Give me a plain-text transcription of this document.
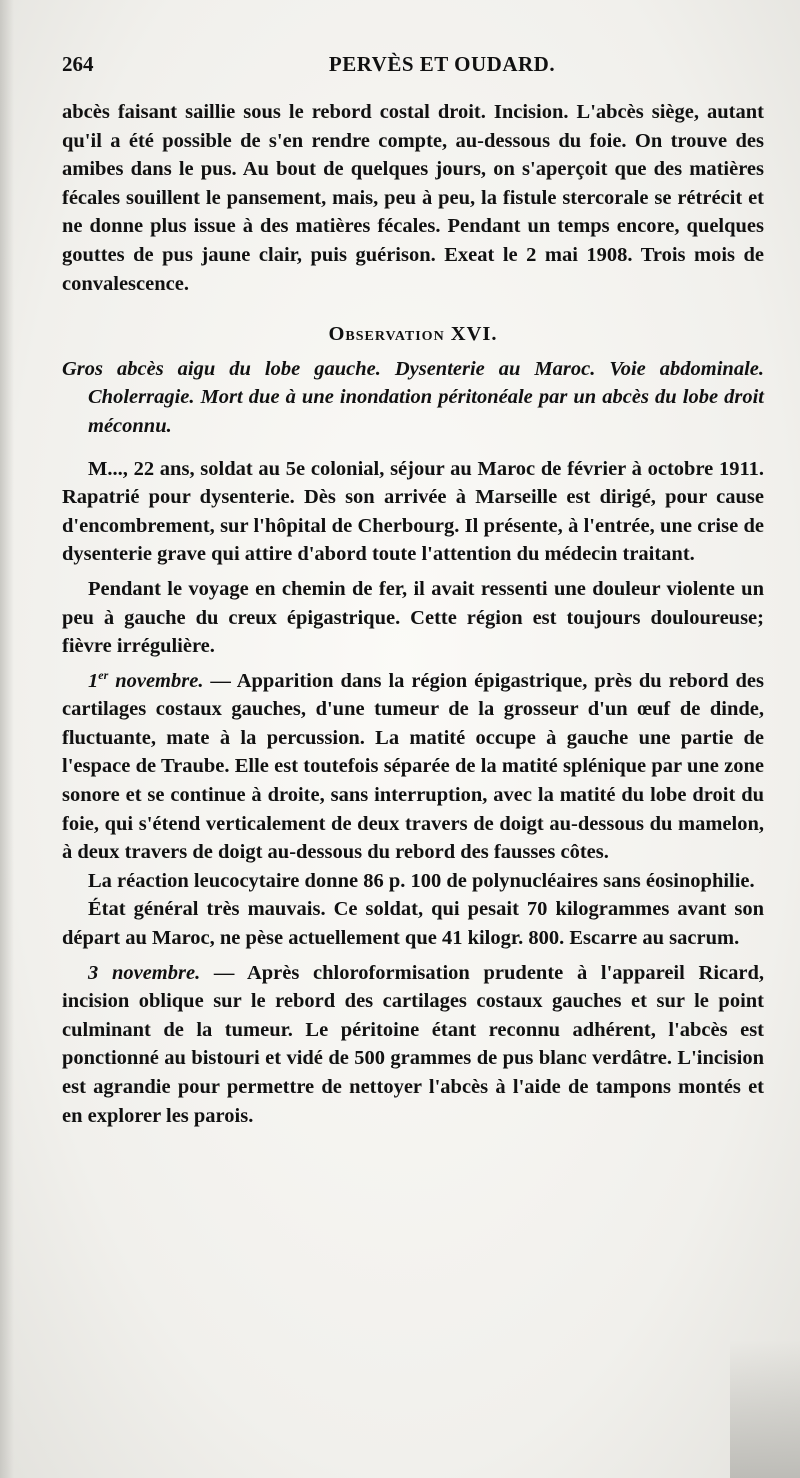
264	PERVÈS ET OUDARD.

abcès faisant saillie sous le rebord costal droit. Incision. L'abcès siège, autant qu'il a été possible de s'en rendre compte, au-dessous du foie. On trouve des amibes dans le pus. Au bout de quelques jours, on s'aperçoit que des matières fécales souillent le pansement, mais, peu à peu, la fistule stercorale se rétrécit et ne donne plus issue à des matières fécales. Pendant un temps encore, quelques gouttes de pus jaune clair, puis guérison. Exeat le 2 mai 1908. Trois mois de convalescence.

Observation XVI.

Gros abcès aigu du lobe gauche. Dysenterie au Maroc. Voie abdominale. Cholerragie. Mort due à une inondation péritonéale par un abcès du lobe droit méconnu.

M..., 22 ans, soldat au 5e colonial, séjour au Maroc de février à octobre 1911. Rapatrié pour dysenterie. Dès son arrivée à Marseille est dirigé, pour cause d'encombrement, sur l'hôpital de Cherbourg. Il présente, à l'entrée, une crise de dysenterie grave qui attire d'abord toute l'attention du médecin traitant.

Pendant le voyage en chemin de fer, il avait ressenti une douleur violente un peu à gauche du creux épigastrique. Cette région est toujours douloureuse; fièvre irrégulière.

1er novembre. — Apparition dans la région épigastrique, près du rebord des cartilages costaux gauches, d'une tumeur de la grosseur d'un œuf de dinde, fluctuante, mate à la percussion. La matité occupe à gauche une partie de l'espace de Traube. Elle est toutefois séparée de la matité splénique par une zone sonore et se continue à droite, sans interruption, avec la matité du lobe droit du foie, qui s'étend verticalement de deux travers de doigt au-dessous du mamelon, à deux travers de doigt au-dessous du rebord des fausses côtes.

La réaction leucocytaire donne 86 p. 100 de polynucléaires sans éosinophilie.

État général très mauvais. Ce soldat, qui pesait 70 kilogrammes avant son départ au Maroc, ne pèse actuellement que 41 kilogr. 800. Escarre au sacrum.

3 novembre. — Après chloroformisation prudente à l'appareil Ricard, incision oblique sur le rebord des cartilages costaux gauches et sur le point culminant de la tumeur. Le péritoine étant reconnu adhérent, l'abcès est ponctionné au bistouri et vidé de 500 grammes de pus blanc verdâtre. L'incision est agrandie pour permettre de nettoyer l'abcès à l'aide de tampons montés et en explorer les parois.
